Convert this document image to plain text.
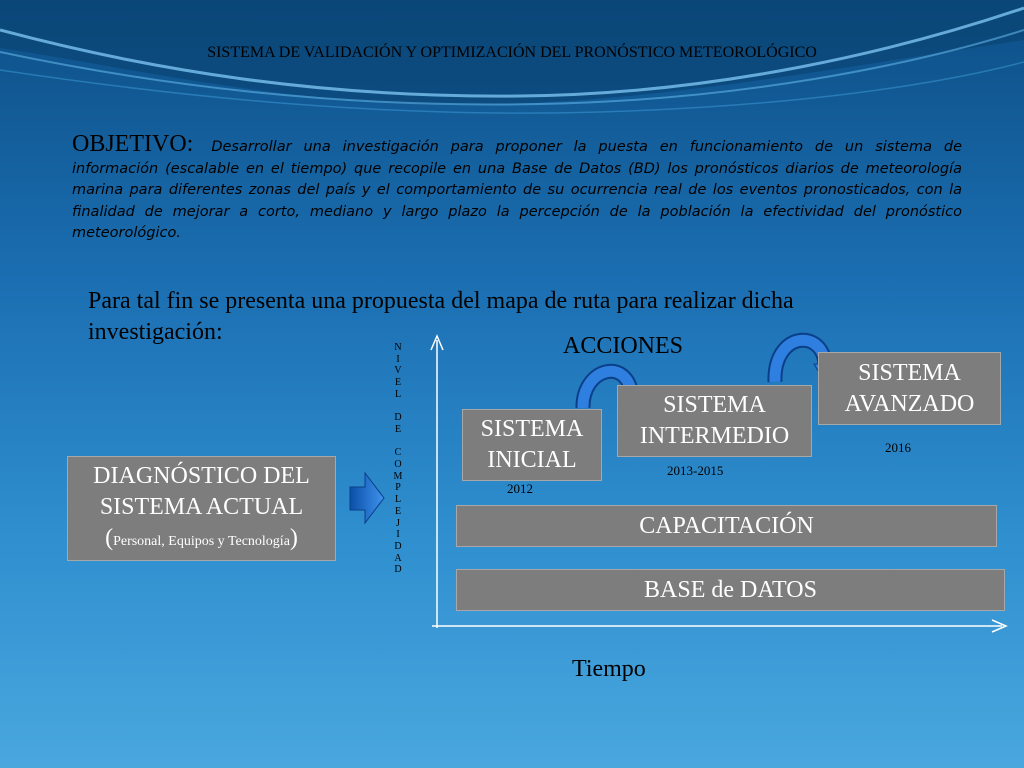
SISTEMA DE VALIDACIÓN Y OPTIMIZACIÓN DEL PRONÓSTICO METEOROLÓGICO
OBJETIVO: Desarrollar una investigación para proponer la puesta en funcionamiento de un sistema de información (escalable en el tiempo) que recopile en una Base de Datos (BD) los pronósticos diarios de meteorología marina para diferentes zonas del país y el comportamiento de su ocurrencia real de los eventos pronosticados, con la finalidad de mejorar a corto, mediano y largo plazo la percepción de la población la efectividad del pronóstico meteorológico.
Para tal fin se presenta una propuesta del mapa de ruta para realizar dicha investigación:
N
I
V
E
L

D
E

C
O
M
P
L
E
J
I
D
A
D
DIAGNÓSTICO DEL
SISTEMA ACTUAL
(Personal, Equipos y Tecnología)
ACCIONES
SISTEMA
INICIAL
SISTEMA
INTERMEDIO
SISTEMA
AVANZADO
2012
2013-2015
2016
CAPACITACIÓN
BASE de DATOS
Tiempo
